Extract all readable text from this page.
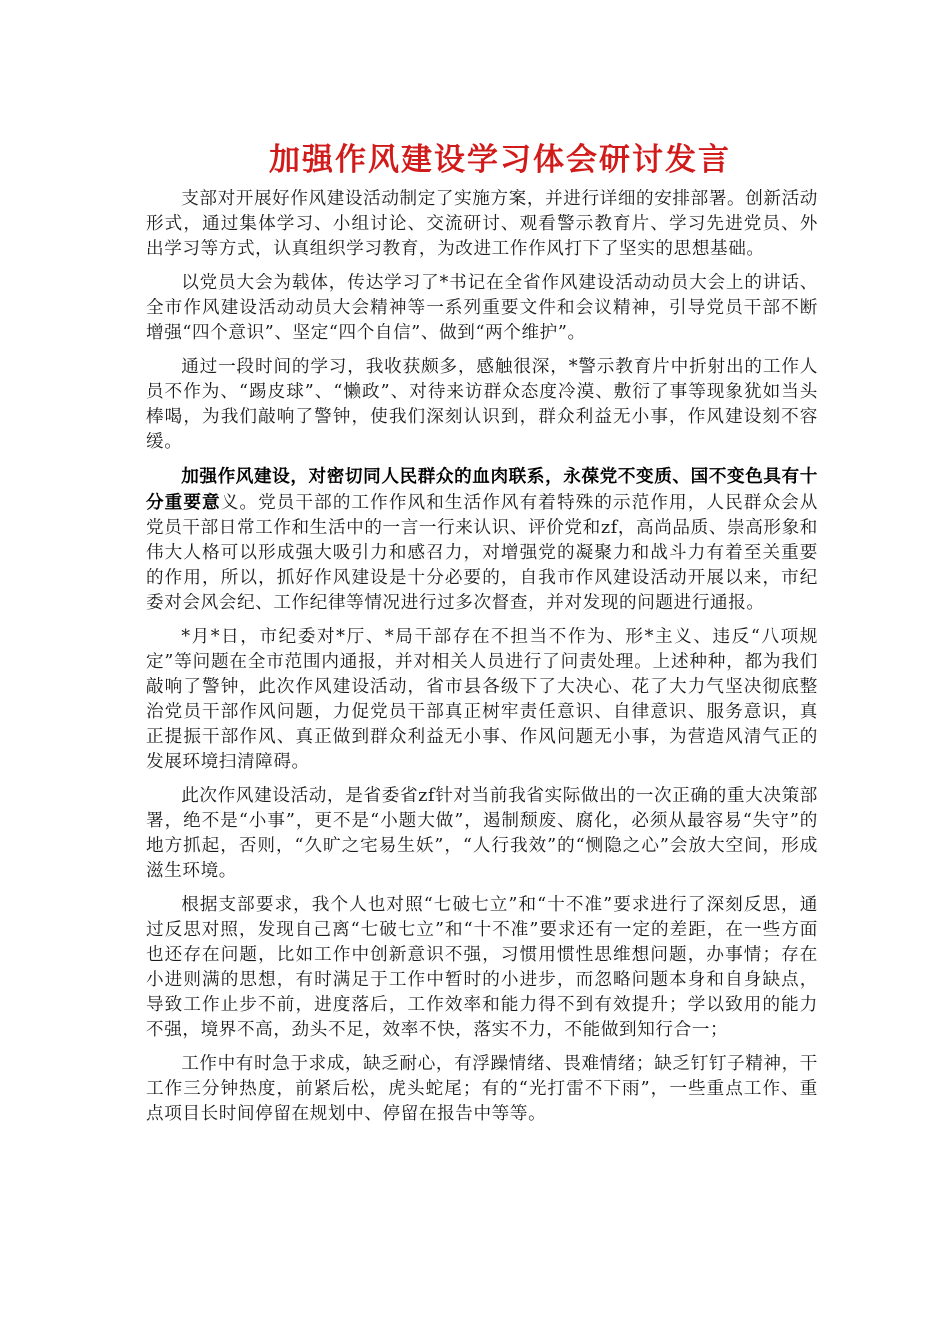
加强作风建设学习体会研讨发言

支部对开展好作风建设活动制定了实施方案，并进行详细的安排部署。创新活动形式，通过集体学习、小组讨论、交流研讨、观看警示教育片、学习先进党员、外出学习等方式，认真组织学习教育，为改进工作作风打下了坚实的思想基础。

以党员大会为载体，传达学习了*书记在全省作风建设活动动员大会上的讲话、全市作风建设活动动员大会精神等一系列重要文件和会议精神，引导党员干部不断增强“四个意识”、坚定“四个自信”、做到“两个维护”。

通过一段时间的学习，我收获颇多，感触很深，*警示教育片中折射出的工作人员不作为、“踢皮球”、“懒政”、对待来访群众态度冷漠、敷衍了事等现象犹如当头棒喝，为我们敲响了警钟，使我们深刻认识到，群众利益无小事，作风建设刻不容缓。

加强作风建设，对密切同人民群众的血肉联系，永葆党不变质、国不变色具有十分重要意义。党员干部的工作作风和生活作风有着特殊的示范作用，人民群众会从党员干部日常工作和生活中的一言一行来认识、评价党和zf，高尚品质、崇高形象和伟大人格可以形成强大吸引力和感召力，对增强党的凝聚力和战斗力有着至关重要的作用，所以，抓好作风建设是十分必要的，自我市作风建设活动开展以来，市纪委对会风会纪、工作纪律等情况进行过多次督查，并对发现的问题进行通报。

*月*日，市纪委对*厅、*局干部存在不担当不作为、形*主义、违反“八项规定”等问题在全市范围内通报，并对相关人员进行了问责处理。上述种种，都为我们敲响了警钟，此次作风建设活动，省市县各级下了大决心、花了大力气坚决彻底整治党员干部作风问题，力促党员干部真正树牢责任意识、自律意识、服务意识，真正提振干部作风、真正做到群众利益无小事、作风问题无小事，为营造风清气正的发展环境扫清障碍。

此次作风建设活动，是省委省zf针对当前我省实际做出的一次正确的重大决策部署，绝不是“小事”，更不是“小题大做”，遏制颓废、腐化，必须从最容易“失守”的地方抓起，否则，“久旷之宅易生妖”，“人行我效”的“恻隐之心”会放大空间，形成滋生环境。

根据支部要求，我个人也对照“七破七立”和“十不准”要求进行了深刻反思，通过反思对照，发现自己离“七破七立”和“十不准”要求还有一定的差距，在一些方面也还存在问题，比如工作中创新意识不强，习惯用惯性思维想问题，办事情；存在小进则满的思想，有时满足于工作中暂时的小进步，而忽略问题本身和自身缺点，导致工作止步不前，进度落后，工作效率和能力得不到有效提升；学以致用的能力不强，境界不高，劲头不足，效率不快，落实不力，不能做到知行合一；

工作中有时急于求成，缺乏耐心，有浮躁情绪、畏难情绪；缺乏钉钉子精神，干工作三分钟热度，前紧后松，虎头蛇尾；有的“光打雷不下雨”，一些重点工作、重点项目长时间停留在规划中、停留在报告中等等。
